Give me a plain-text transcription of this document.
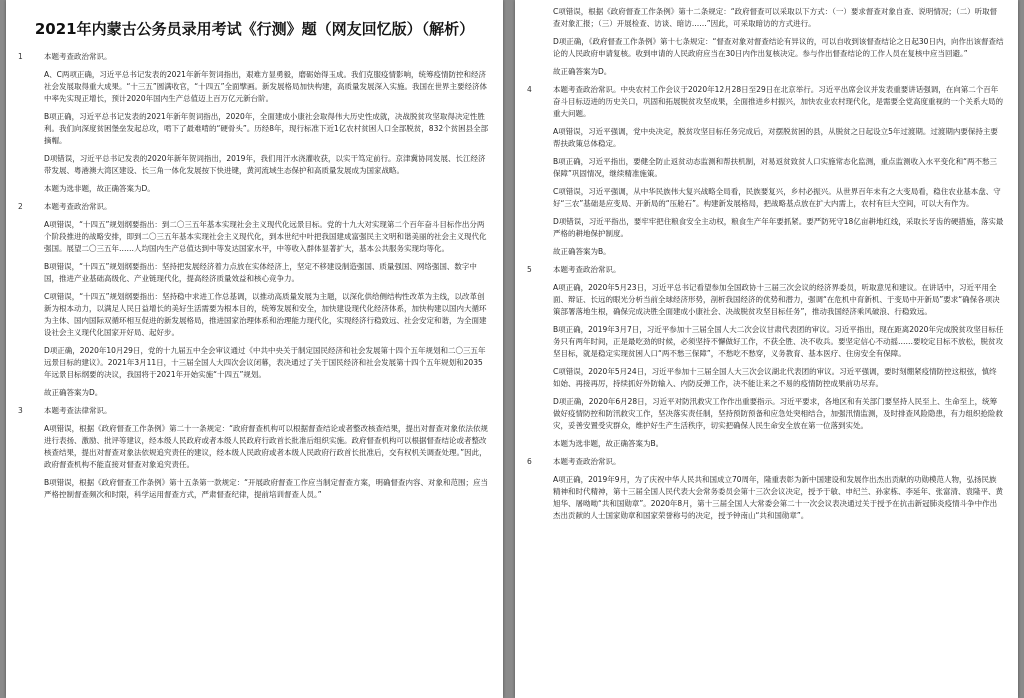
2021年内蒙古公务员录用考试《行测》题（网友回忆版）（解析）
1	本题考查政治常识。
A、C两项正确，习近平总书记发表的2021年新年贺词指出，艰难方显勇毅，磨砺始得玉成。我们克服疫情影响，统筹疫情防控和经济社会发展取得重大成果。“十三五”圆满收官，“十四五”全面擘画。新发展格局加快构建，高质量发展深入实施。我国在世界主要经济体中率先实现正增长，预计2020年国内生产总值迈上百万亿元新台阶。
B项正确，习近平总书记发表的2021年新年贺词指出，2020年，全面建成小康社会取得伟大历史性成就，决战脱贫攻坚取得决定性胜利。我们向深度贫困堡垒发起总攻，啃下了最难啃的“硬骨头”。历经8年，现行标准下近1亿农村贫困人口全部脱贫，832个贫困县全部摘帽。
D项错误，习近平总书记发表的2020年新年贺词指出，2019年，我们用汗水浇灌收获，以实干笃定前行。京津冀协同发展、长江经济带发展、粤港澳大湾区建设、长三角一体化发展按下快进键，黄河流域生态保护和高质量发展成为国家战略。
本题为选非题，故正确答案为D。
2	本题考查政治常识。
A项错误，“十四五”规划纲要指出：到二〇三五年基本实现社会主义现代化远景目标。党的十九大对实现第二个百年奋斗目标作出分两个阶段推进的战略安排，即到二〇三五年基本实现社会主义现代化，到本世纪中叶把我国建成富强民主文明和谐美丽的社会主义现代化强国。展望二〇三五年……人均国内生产总值达到中等发达国家水平，中等收入群体显著扩大，基本公共服务实现均等化。
B项错误，“十四五”规划纲要指出：坚持把发展经济着力点放在实体经济上，坚定不移建设制造强国、质量强国、网络强国、数字中国，推进产业基础高级化、产业链现代化，提高经济质量效益和核心竞争力。
C项错误，“十四五”规划纲要指出：坚持稳中求进工作总基调，以推动高质量发展为主题，以深化供给侧结构性改革为主线，以改革创新为根本动力，以满足人民日益增长的美好生活需要为根本目的，统筹发展和安全，加快建设现代化经济体系，加快构建以国内大循环为主体、国内国际双循环相互促进的新发展格局，推进国家治理体系和治理能力现代化，实现经济行稳致远、社会安定和谐，为全面建设社会主义现代化国家开好局、起好步。
D项正确，2020年10月29日，党的十九届五中全会审议通过《中共中央关于制定国民经济和社会发展第十四个五年规划和二〇三五年远景目标的建议》。2021年3月11日，十三届全国人大四次会议闭幕，表决通过了关于国民经济和社会发展第十四个五年规划和2035年远景目标纲要的决议，我国将于2021年开始实施“十四五”规划。
故正确答案为D。
3	本题考查法律常识。
A项错误，根据《政府督查工作条例》第二十一条规定：“政府督查机构可以根据督查结论或者整改核查结果，提出对督查对象依法依规进行表扬、激励、批评等建议，经本级人民政府或者本级人民政府行政首长批准后组织实施。政府督查机构可以根据督查结论或者整改核查结果，提出对督查对象法依规追究责任的建议，经本级人民政府或者本级人民政府行政首长批准后，交有权机关调查处理。”因此，政府督查机构不能直接对督查对象追究责任。
B项错误，根据《政府督查工作条例》第十五条第一款规定：“开展政府督查工作应当制定督查方案，明确督查内容、对象和范围；应当严格控制督查频次和时限，科学运用督查方式，严肃督查纪律，提前培训督查人员。”
C项错误，根据《政府督查工作条例》第十二条规定：“政府督查可以采取以下方式：（一）要求督查对象自查、说明情况；（二）听取督查对象汇报；（三）开展检查、访谈、暗访……”因此，可采取暗访的方式进行。
D项正确，《政府督查工作条例》第十七条规定：“督查对象对督查结论有异议的，可以自收到该督查结论之日起30日内，向作出该督查结论的人民政府申请复核。收到申请的人民政府应当在30日内作出复核决定。参与作出督查结论的工作人员在复核中应当回避。”
故正确答案为D。
4	本题考查政治常识。中央农村工作会议于2020年12月28日至29日在北京举行。习近平出席会议并发表重要讲话强调，在向第二个百年奋斗目标迈进的历史关口，巩固和拓展脱贫攻坚成果，全面推进乡村振兴，加快农业农村现代化，是需要全党高度重视的一个关系大局的重大问题。
A项错误，习近平强调，党中央决定，脱贫攻坚目标任务完成后，对摆脱贫困的县，从脱贫之日起设立5年过渡期。过渡期内要保持主要帮扶政策总体稳定。
B项正确，习近平指出，要健全防止返贫动态监测和帮扶机制，对易返贫致贫人口实施常态化监测，重点监测收入水平变化和“两不愁三保障”巩固情况，继续精准施策。
C项错误，习近平强调，从中华民族伟大复兴战略全局看，民族要复兴，乡村必振兴。从世界百年未有之大变局看，稳住农业基本盘、守好“三农”基础是应变局、开新局的“压舱石”。构建新发展格局，把战略基点放在扩大内需上，农村有巨大空间，可以大有作为。
D项错误，习近平指出，要牢牢把住粮食安全主动权，粮食生产年年要抓紧。要严防死守18亿亩耕地红线，采取长牙齿的硬措施，落实最严格的耕地保护制度。
故正确答案为B。
5	本题考查政治常识。
A项正确，2020年5月23日，习近平总书记看望参加全国政协十三届三次会议的经济界委员，听取意见和建议。在讲话中，习近平用全面、辩证、长远的眼光分析当前全球经济形势，剖析我国经济的优势和潜力，强调“在危机中育新机、于变局中开新局”要求“确保各项决策部署落地生根，确保完成决胜全面建成小康社会、决战脱贫攻坚目标任务”，推动我国经济乘风破浪、行稳致远。
B项正确，2019年3月7日，习近平参加十三届全国人大二次会议甘肃代表团的审议。习近平指出，现在距离2020年完成脱贫攻坚目标任务只有两年时间，正是最吃劲的时候，必须坚持不懈做好工作，不获全胜、决不收兵。要坚定信心不动摇……要咬定目标不放松，脱贫攻坚目标，就是稳定实现贫困人口“两不愁三保障”，不愁吃不愁穿，义务教育、基本医疗、住房安全有保障。
C项错误，2020年5月24日，习近平参加十三届全国人大三次会议湖北代表团的审议。习近平强调，要时刻绷紧疫情防控这根弦，慎终如始、再接再厉，持续抓好外防输入、内防反弹工作，决不能让来之不易的疫情防控成果前功尽弃。
D项正确，2020年6月28日，习近平对防汛救灾工作作出重要指示。习近平要求，各地区和有关部门要坚持人民至上、生命至上，统筹做好疫情防控和防汛救灾工作，坚决落实责任制，坚持预防预备和应急处突相结合，加强汛情监测，及时排查风险隐患，有力组织抢险救灾，妥善安置受灾群众，维护好生产生活秩序，切实把确保人民生命安全放在第一位落到实处。
本题为选非题，故正确答案为B。
6	本题考查政治常识。
A项正确，2019年9月，为了庆祝中华人民共和国成立70周年，隆重表彰为新中国建设和发展作出杰出贡献的功勋模范人物，弘扬民族精神和时代精神，第十三届全国人民代表大会常务委员会第十三次会议决定，授予于敏、申纪兰、孙家栋、李延年、张富清、袁隆平、黄旭华、屠呦呦“共和国勋章”。2020年8月，第十三届全国人大常委会第二十一次会议表决通过关于授予在抗击新冠肺炎疫情斗争中作出杰出贡献的人士国家勋章和国家荣誉称号的决定，授予钟南山“共和国勋章”。
